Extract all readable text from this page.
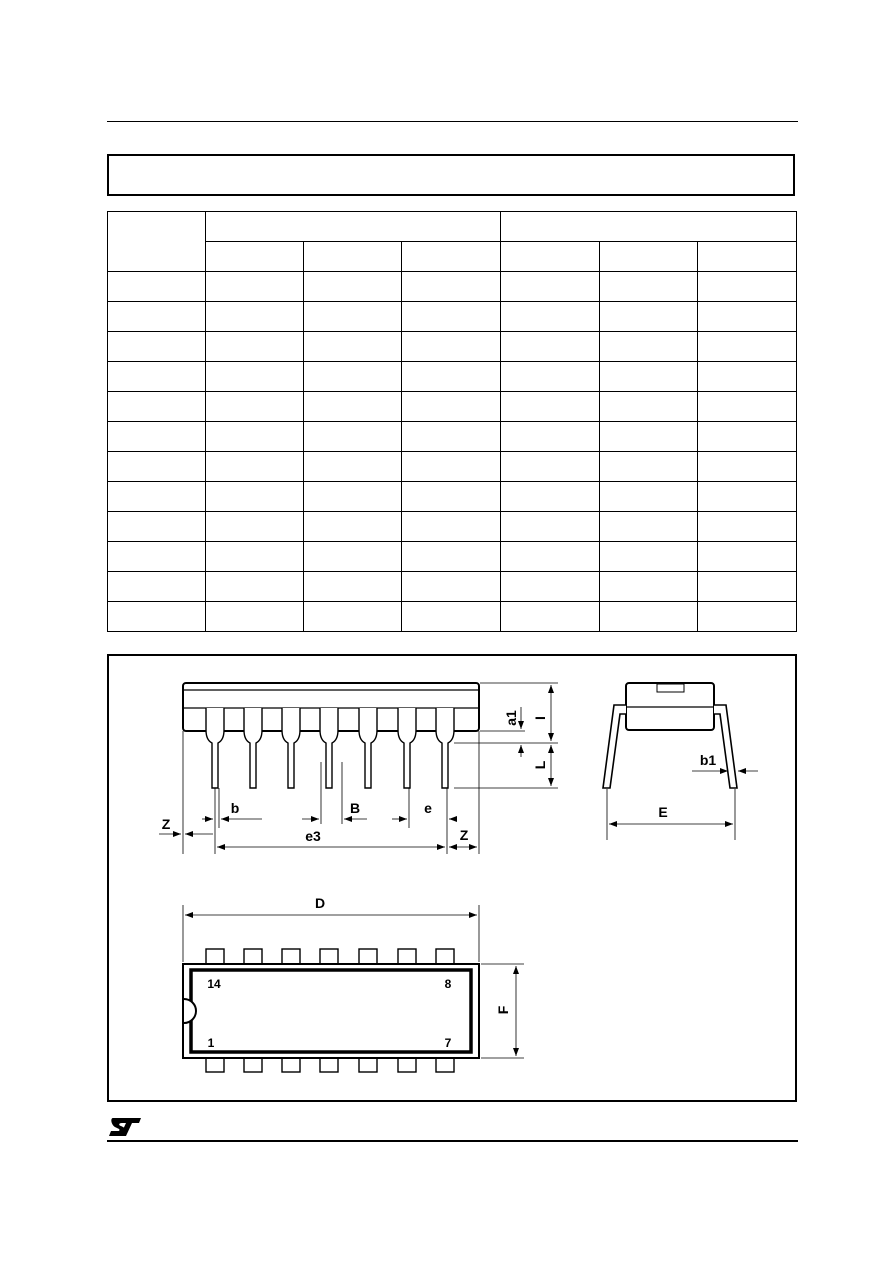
a1 I
L
b	B	e
e3
Z
Z
b1
E
D
F
14	8
1	7
